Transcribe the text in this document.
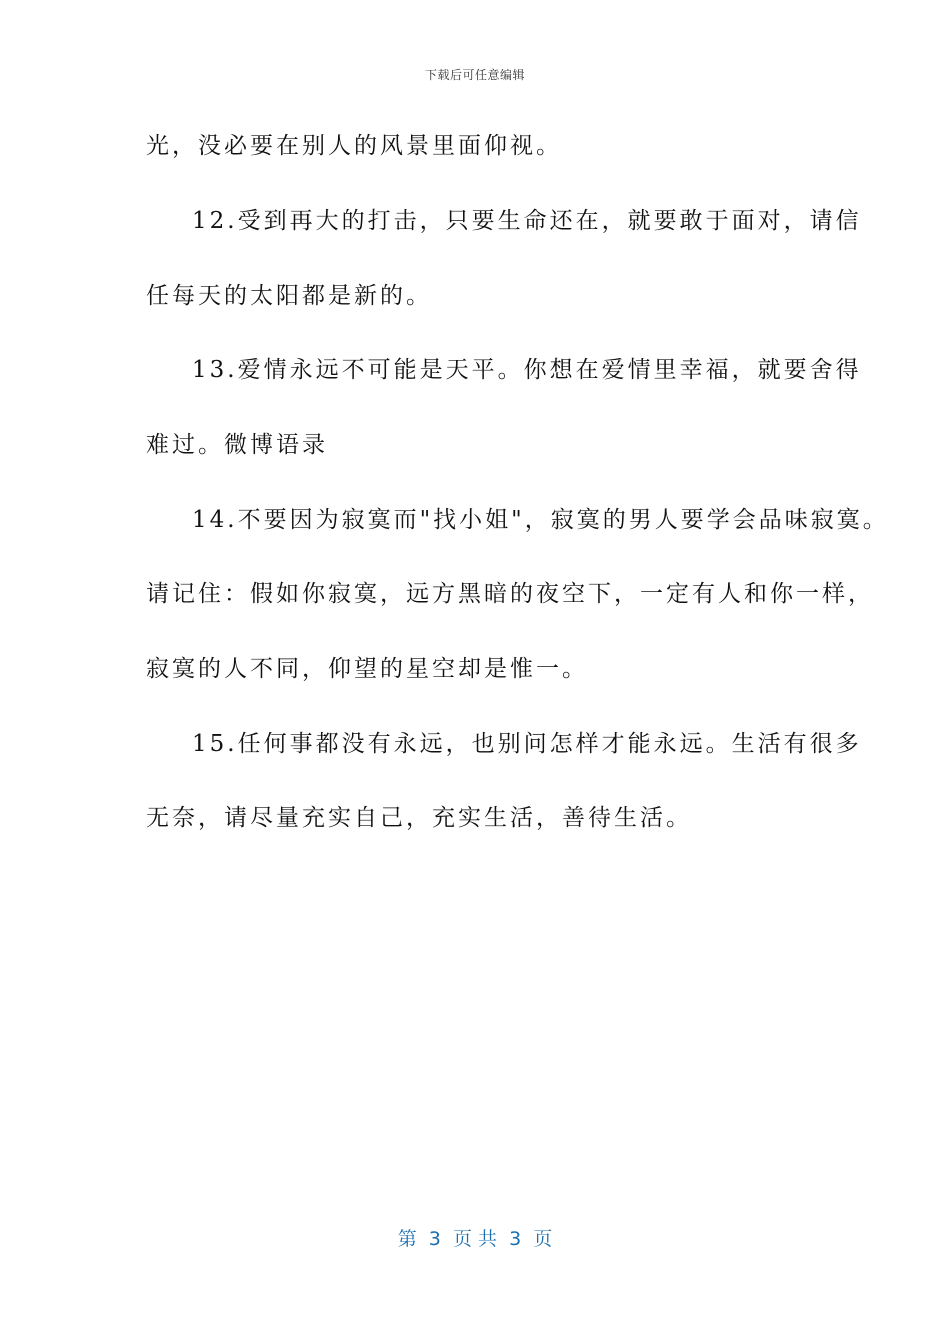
下载后可任意编辑
光，没必要在别人的风景里面仰视。
12.受到再大的打击，只要生命还在，就要敢于面对，请信
任每天的太阳都是新的。
13.爱情永远不可能是天平。你想在爱情里幸福，就要舍得
难过。微博语录
14.不要因为寂寞而"找小姐"，寂寞的男人要学会品味寂寞。
请记住：假如你寂寞，远方黑暗的夜空下，一定有人和你一样，
寂寞的人不同，仰望的星空却是惟一。
15.任何事都没有永远，也别问怎样才能永远。生活有很多
无奈，请尽量充实自己，充实生活，善待生活。
第  3  页 共  3  页
